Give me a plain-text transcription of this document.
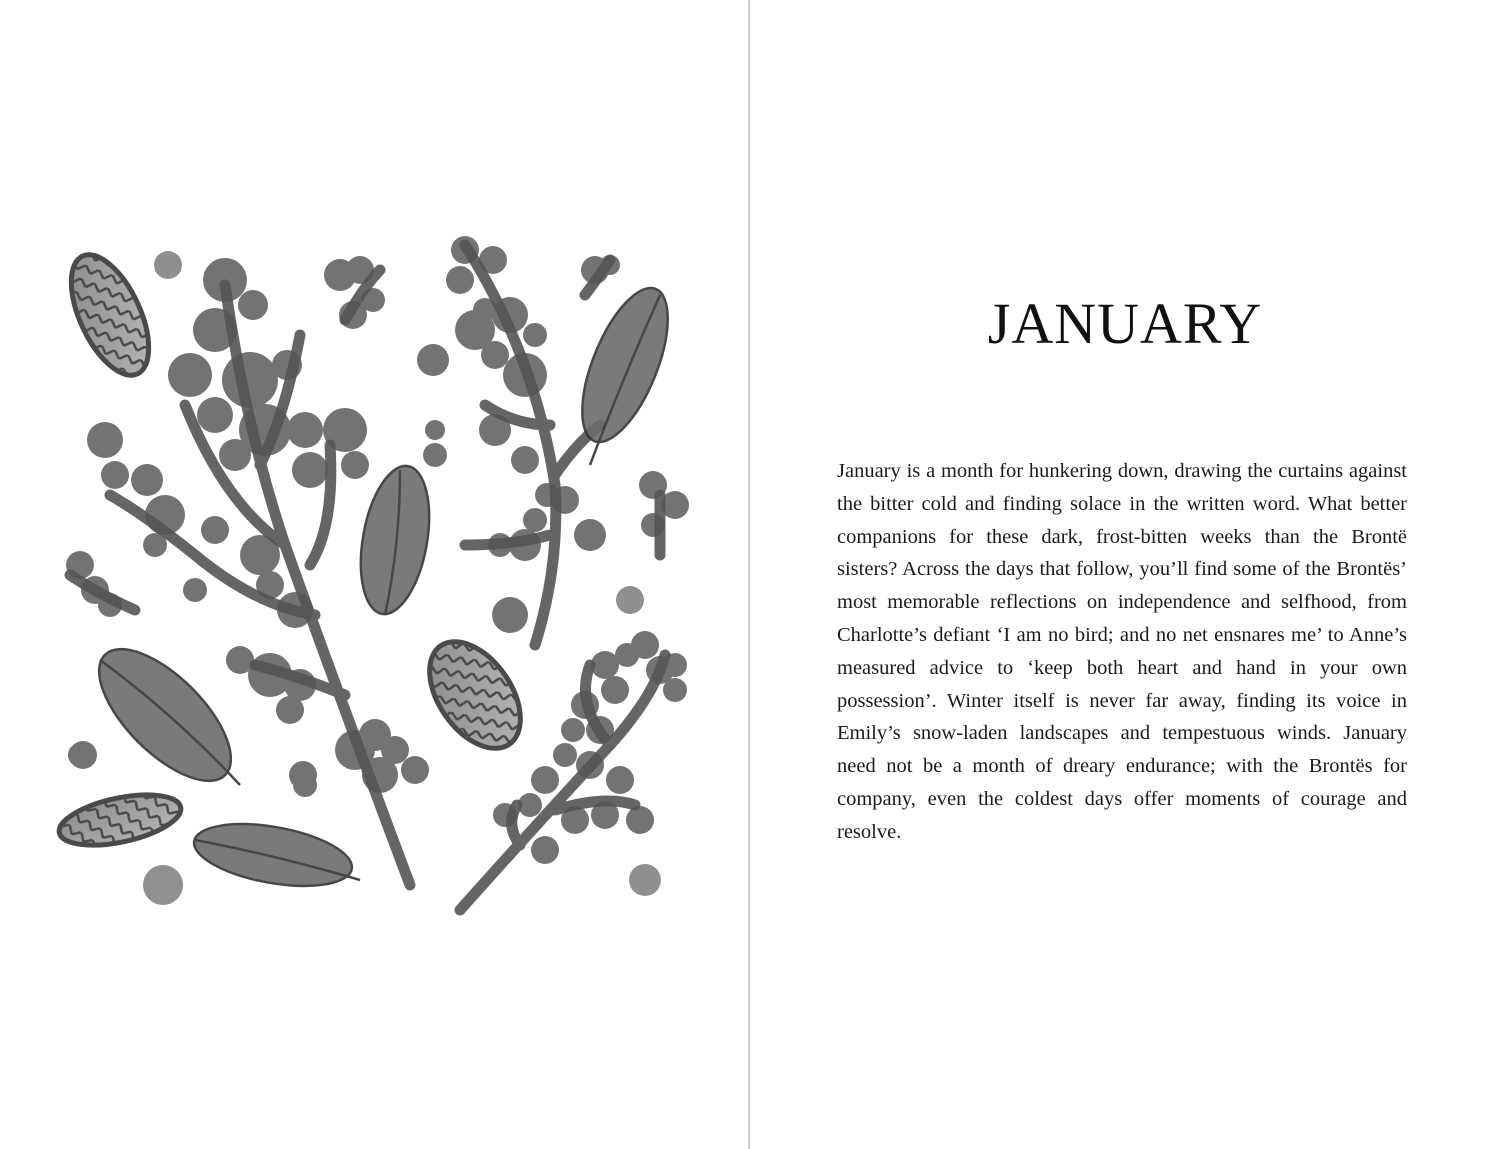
JANUARY

January is a month for hunkering down, drawing the curtains against the bitter cold and finding solace in the written word. What better companions for these dark, frost-bitten weeks than the Brontë sisters? Across the days that follow, you’ll find some of the Brontës’ most memorable reflections on independence and selfhood, from Charlotte’s defiant ‘I am no bird; and no net ensnares me’ to Anne’s measured advice to ‘keep both heart and hand in your own possession’. Winter itself is never far away, finding its voice in Emily’s snow-laden landscapes and tempestuous winds. January need not be a month of dreary endurance; with the Brontës for company, even the coldest days offer moments of courage and resolve.
